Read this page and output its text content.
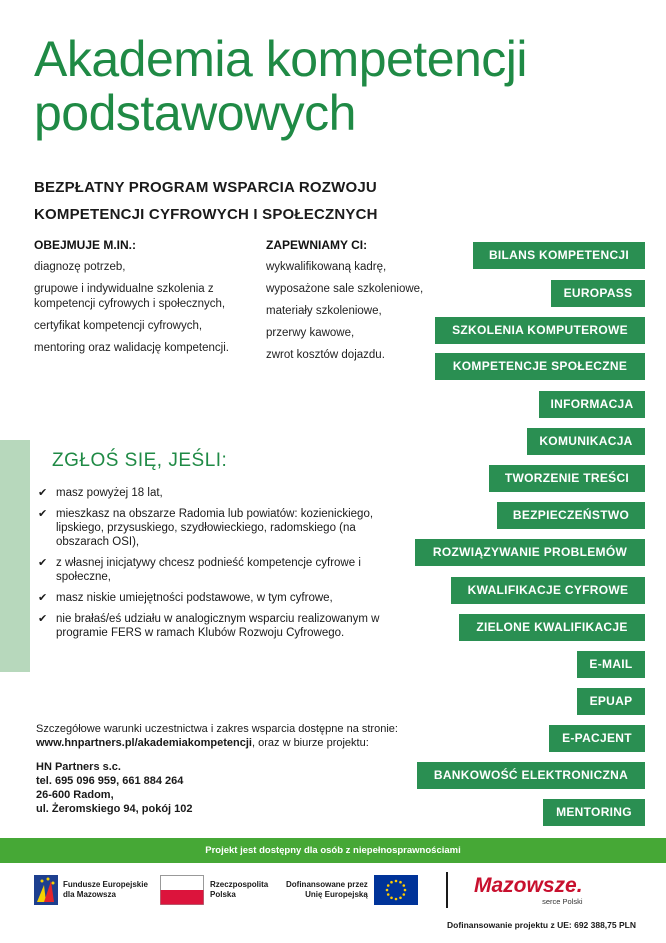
Akademia kompetencji
podstawowych
BEZPŁATNY PROGRAM WSPARCIA ROZWOJU
KOMPETENCJI CYFROWYCH I SPOŁECZNYCH
OBEJMUJE M.IN.:

diagnozę potrzeb,

grupowe i indywidualne szkolenia z kompetencji cyfrowych i społecznych,

certyfikat kompetencji cyfrowych,

mentoring oraz walidację kompetencji.

ZAPEWNIAMY CI:

wykwalifikowaną kadrę,

wyposażone sale szkoleniowe,

materiały szkoleniowe,

przerwy kawowe,

zwrot kosztów dojazdu.

ZGŁOŚ SIĘ, JEŚLI:
✔ masz powyżej 18 lat,
✔ mieszkasz na obszarze Radomia lub powiatów: kozienickiego, lipskiego, przysuskiego, szydłowieckiego, radomskiego (na obszarach OSI),
✔ z własnej inicjatywy chcesz podnieść kompetencje cyfrowe i społeczne,
✔ masz niskie umiejętności podstawowe, w tym cyfrowe,
✔ nie brałaś/eś udziału w analogicznym wsparciu realizowanym w programie FERS w ramach Klubów Rozwoju Cyfrowego.

Szczegółowe warunki uczestnictwa i zakres wsparcia dostępne na stronie: www.hnpartners.pl/akademiakompetencji, oraz w biurze projektu:

HN Partners s.c.
tel. 695 096 959, 661 884 264
26-600 Radom,
ul. Żeromskiego 94, pokój 102

BILANS KOMPETENCJI
EUROPASS
SZKOLENIA KOMPUTEROWE
KOMPETENCJE SPOŁECZNE
INFORMACJA
KOMUNIKACJA
TWORZENIE TREŚCI
BEZPIECZEŃSTWO
ROZWIĄZYWANIE PROBLEMÓW
KWALIFIKACJE CYFROWE
ZIELONE KWALIFIKACJE
E-MAIL
EPUAP
E-PACJENT
BANKOWOŚĆ ELEKTRONICZNA
MENTORING
Projekt jest dostępny dla osób z niepełnosprawnościami
Fundusze Europejskie
dla Mazowsza
Rzeczpospolita
Polska
Dofinansowane przez
Unię Europejską	Mazowsze.
serce Polski
Dofinansowanie projektu z UE: 692 388,75 PLN
